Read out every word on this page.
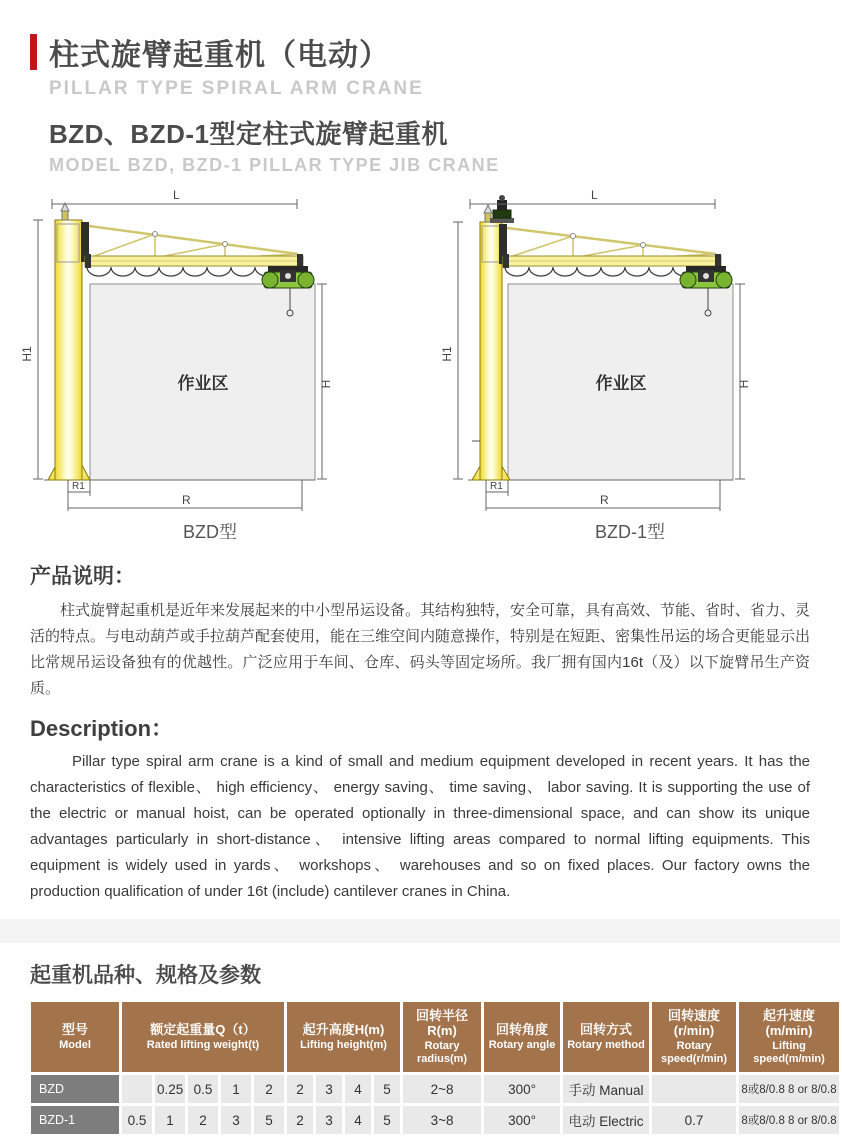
柱式旋臂起重机（电动）
PILLAR TYPE SPIRAL ARM CRANE
BZD、BZD-1型定柱式旋臂起重机
MODEL BZD, BZD-1 PILLAR TYPE JIB CRANE
作业区
L
H1
H
R1
R
BZD型
作业区
L
H1
H
R1
R
BZD-1型
产品说明：
柱式旋臂起重机是近年来发展起来的中小型吊运设备。其结构独特，安全可靠，具有高效、节能、省时、省力、灵活的特点。与电动葫芦或手拉葫芦配套使用，能在三维空间内随意操作，特别是在短距、密集性吊运的场合更能显示出比常规吊运设备独有的优越性。广泛应用于车间、仓库、码头等固定场所。我厂拥有国内16t（及）以下旋臂吊生产资质。
Description：
Pillar type spiral arm crane is a kind of small and medium equipment developed in recent years. It has the characteristics of flexible、 high efficiency、 energy saving、 time saving、 labor saving. It is supporting the use of the electric or manual hoist, can be operated optionally in three-dimensional space, and can show its unique advantages particularly in short-distance、 intensive lifting areas compared to normal lifting equipments. This equipment is widely used in yards、 workshops、 warehouses and so on fixed places. Our factory owns the production qualification of under 16t (include) cantilever cranes in China.
起重机品种、规格及参数
型号
Model

额定起重量Q（t）
Rated lifting weight(t)

起升高度H(m)
Lifting height(m)

回转半径R(m)
Rotary radius(m)

回转角度
Rotary angle

回转方式
Rotary method

回转速度(r/min)
Rotary speed(r/min)

起升速度(m/min)
Lifting speed(m/min)

BZD		0.25	0.5	1	2	2	3	4	5	2~8	300°	手动 Manual		8或8/0.8 8 or 8/0.8
BZD-1	0.5	1	2	3	5	2	3	4	5	3~8	300°	电动 Electric	0.7	8或8/0.8 8 or 8/0.8
